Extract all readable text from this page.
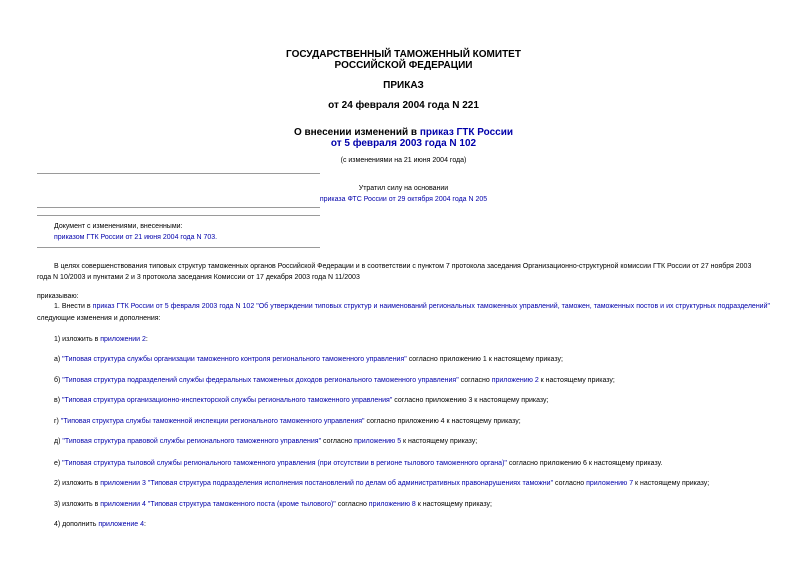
ГОСУДАРСТВЕННЫЙ ТАМОЖЕННЫЙ КОМИТЕТ
РОССИЙСКОЙ ФЕДЕРАЦИИ
ПРИКАЗ
от 24 февраля 2004 года N 221
О внесении изменений в приказ ГТК России
от 5 февраля 2003 года N 102
(с изменениями на 21 июня 2004 года)
Утратил силу на основании
приказа ФТС России от 29 октября 2004 года N 205
Документ с изменениями, внесенными:
приказом ГТК России от 21 июня 2004 года N 703.
В целях совершенствования типовых структур таможенных органов Российской Федерации и в соответствии с пунктом 7 протокола заседания Организационно-структурной комиссии ГТК России от 27 ноября 2003
года N 10/2003 и пунктами 2 и 3 протокола заседания Комиссии от 17 декабря 2003 года N 11/2003
приказываю:
1. Внести в приказ ГТК России от 5 февраля 2003 года N 102 "Об утверждении типовых структур и наименований региональных таможенных управлений, таможен, таможенных постов и их структурных подразделений" следующие изменения и дополнения:
1) изложить в приложении 2:
а) "Типовая структура службы организации таможенного контроля регионального таможенного управления" согласно приложению 1 к настоящему приказу;
б) "Типовая структура подразделений службы федеральных таможенных доходов регионального таможенного управления" согласно приложению 2 к настоящему приказу;
в) "Типовая структура организационно-инспекторской службы регионального таможенного управления" согласно приложению 3 к настоящему приказу;
г) "Типовая структура службы таможенной инспекции регионального таможенного управления" согласно приложению 4 к настоящему приказу;
д) "Типовая структура правовой службы регионального таможенного управления" согласно приложению 5 к настоящему приказу;
е) "Типовая структура тыловой службы регионального таможенного управления (при отсутствии в регионе тылового таможенного органа)" согласно приложению 6 к настоящему приказу.
2) изложить в приложении 3 "Типовая структура подразделения исполнения постановлений по делам об административных правонарушениях таможни" согласно приложению 7 к настоящему приказу;
3) изложить в приложении 4 "Типовая структура таможенного поста (кроме тылового)" согласно приложению 8 к настоящему приказу;
4) дополнить приложение 4:
